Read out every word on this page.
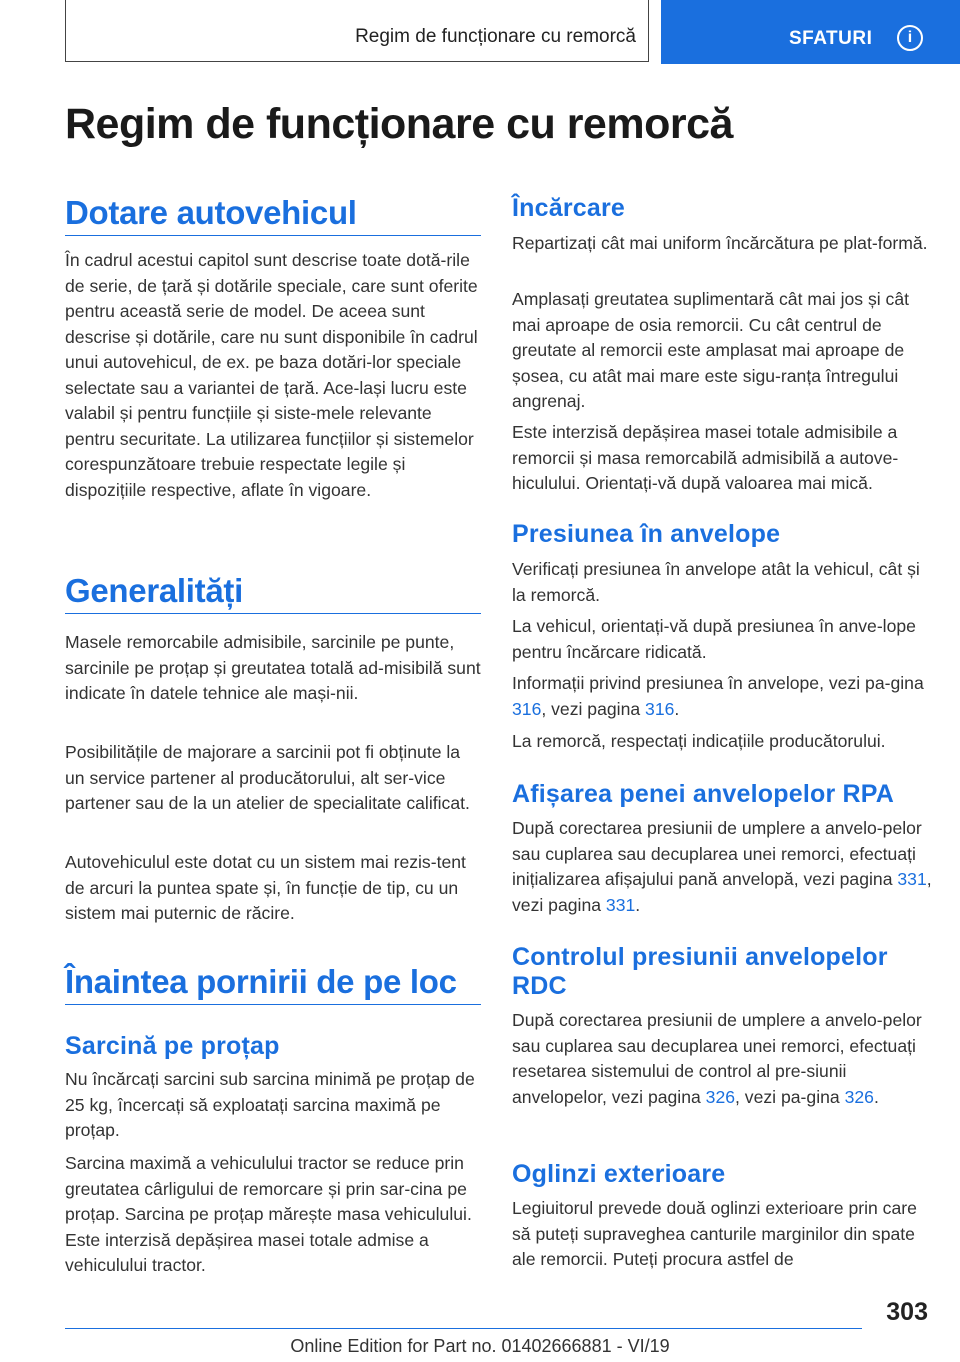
Regim de funcționare cu remorcă	SFATURI	i
Regim de funcționare cu remorcă
Dotare autovehicul

În cadrul acestui capitol sunt descrise toate dotă-rile de serie, de țară și dotările speciale, care sunt oferite pentru această serie de model. De aceea sunt descrise și dotările, care nu sunt disponibile în cadrul unui autovehicul, de ex. pe baza dotări-lor speciale selectate sau a variantei de țară. Ace-lași lucru este valabil și pentru funcțiile și siste-mele relevante pentru securitate. La utilizarea funcțiilor și sistemelor corespunzătoare trebuie respectate legile și dispozițiile respective, aflate în vigoare.

Generalități

Masele remorcabile admisibile, sarcinile pe punte, sarcinile pe proțap și greutatea totală ad-misibilă sunt indicate în datele tehnice ale mași-nii.

Posibilitățile de majorare a sarcinii pot fi obținute la un service partener al producătorului, alt ser-vice partener sau de la un atelier de specialitate calificat.

Autovehiculul este dotat cu un sistem mai rezis-tent de arcuri la puntea spate și, în funcție de tip, cu un sistem mai puternic de răcire.

Înaintea pornirii de pe loc
Sarcină pe proțap

Nu încărcați sarcini sub sarcina minimă pe proțap de 25 kg, încercați să exploatați sarcina maximă pe proțap.

Sarcina maximă a vehiculului tractor se reduce prin greutatea cârligului de remorcare și prin sar-cina pe proțap. Sarcina pe proțap mărește masa vehiculului. Este interzisă depășirea masei totale admise a vehiculului tractor.

Încărcare

Repartizați cât mai uniform încărcătura pe plat-formă.

Amplasați greutatea suplimentară cât mai jos și cât mai aproape de osia remorcii. Cu cât centrul de greutate al remorcii este amplasat mai aproape de șosea, cu atât mai mare este sigu-ranța întregului angrenaj.

Este interzisă depășirea masei totale admisibile a remorcii și masa remorcabilă admisibilă a autove-hiculului. Orientați-vă după valoarea mai mică.

Presiunea în anvelope

Verificați presiunea în anvelope atât la vehicul, cât și la remorcă.

La vehicul, orientați-vă după presiunea în anve-lope pentru încărcare ridicată.

Informații privind presiunea în anvelope, vezi pa-gina 316, vezi pagina 316.

La remorcă, respectați indicațiile producătorului.

Afișarea penei anvelopelor RPA

După corectarea presiunii de umplere a anvelo-pelor sau cuplarea sau decuplarea unei remorci, efectuați inițializarea afișajului pană anvelopă, vezi pagina 331, vezi pagina 331.

Controlul presiunii anvelopelor
RDC

După corectarea presiunii de umplere a anvelo-pelor sau cuplarea sau decuplarea unei remorci, efectuați resetarea sistemului de control al pre-siunii anvelopelor, vezi pagina 326, vezi pa-gina 326.

Oglinzi exterioare

Legiuitorul prevede două oglinzi exterioare prin care să puteți supraveghea canturile marginilor din spate ale remorcii. Puteți procura astfel de

303
Online Edition for Part no. 01402666881 - VI/19
